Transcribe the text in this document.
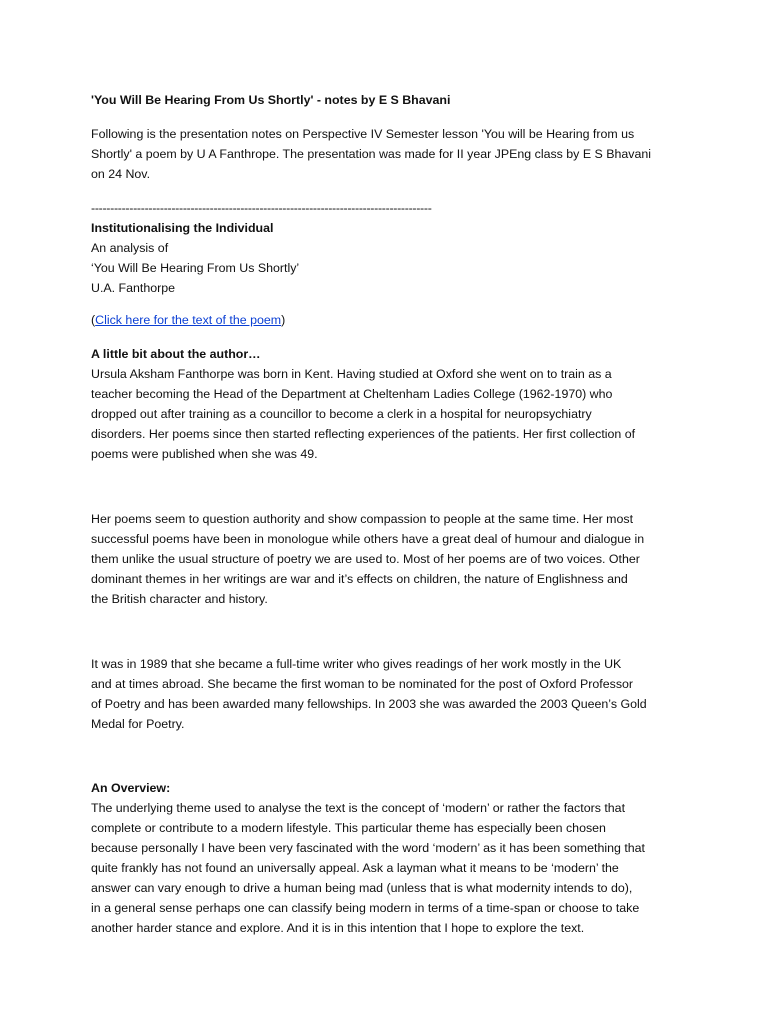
'You Will Be Hearing From Us Shortly' - notes by E S Bhavani
Following is the presentation notes on Perspective IV Semester lesson 'You will be Hearing from us
Shortly' a poem by U A Fanthrope. The presentation was made for II year JPEng class by E S Bhavani
on 24 Nov.
-----------------------------------------------------------------------------------------
Institutionalising the Individual
An analysis of
‘You Will Be Hearing From Us Shortly’
U.A. Fanthorpe
(Click here for the text of the poem)
A little bit about the author…
Ursula Aksham Fanthorpe was born in Kent. Having studied at Oxford she went on to train as a
teacher becoming the Head of the Department at Cheltenham Ladies College (1962-1970) who
dropped out after training as a councillor to become a clerk in a hospital for neuropsychiatry
disorders. Her poems since then started reflecting experiences of the patients. Her first collection of
poems were published when she was 49.
Her poems seem to question authority and show compassion to people at the same time. Her most
successful poems have been in monologue while others have a great deal of humour and dialogue in
them unlike the usual structure of poetry we are used to. Most of her poems are of two voices. Other
dominant themes in her writings are war and it’s effects on children, the nature of Englishness and
the British character and history.
It was in 1989 that she became a full-time writer who gives readings of her work mostly in the UK
and at times abroad. She became the first woman to be nominated for the post of Oxford Professor
of Poetry and has been awarded many fellowships. In 2003 she was awarded the 2003 Queen’s Gold
Medal for Poetry.
An Overview:
The underlying theme used to analyse the text is the concept of ‘modern’ or rather the factors that
complete or contribute to a modern lifestyle. This particular theme has especially been chosen
because personally I have been very fascinated with the word ‘modern’ as it has been something that
quite frankly has not found an universally appeal. Ask a layman what it means to be ‘modern’ the
answer can vary enough to drive a human being mad (unless that is what modernity intends to do),
in a general sense perhaps one can classify being modern in terms of a time-span or choose to take
another harder stance and explore. And it is in this intention that I hope to explore the text.
